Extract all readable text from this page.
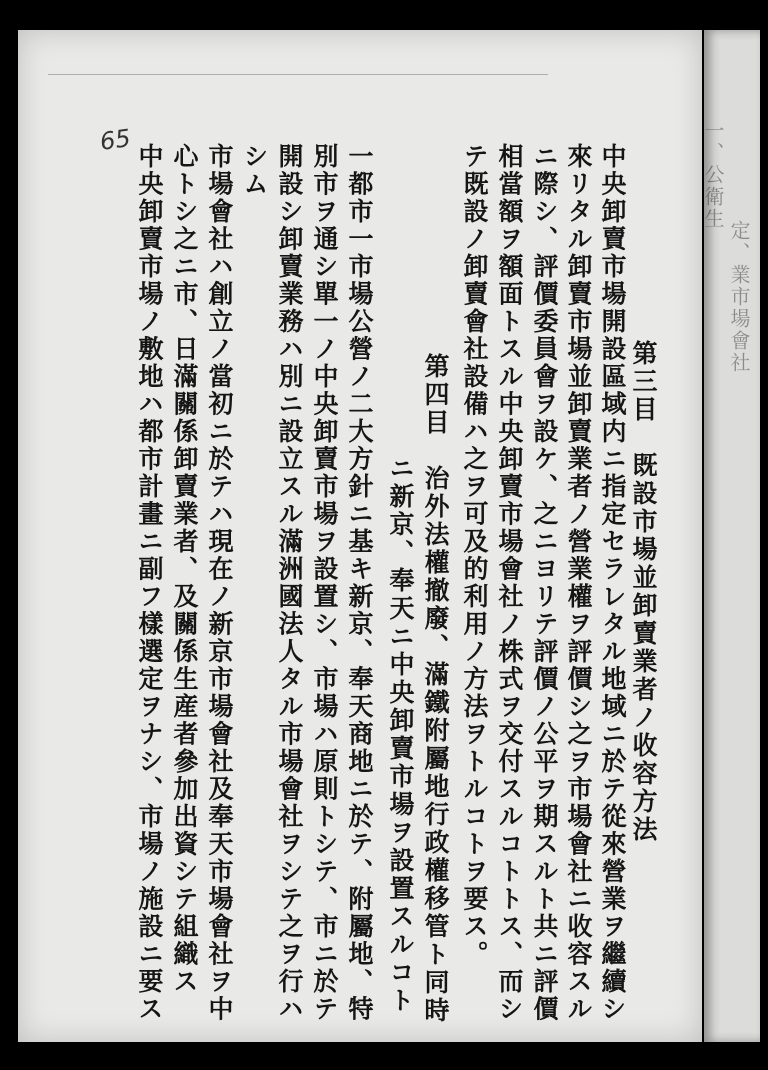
一、公衛生
定、業市場會社
65
第三目　既設市場並卸賣業者ノ收容方法
中央卸賣市場開設區域内ニ指定セラレタル地域ニ於テ從來營業ヲ繼續シ
來リタル卸賣市場並卸賣業者ノ營業權ヲ評價シ之ヲ市場會社ニ收容スル
ニ際シ、評價委員會ヲ設ケ、之ニヨリテ評價ノ公平ヲ期スルト共ニ評價
相當額ヲ額面トスル中央卸賣市場會社ノ株式ヲ交付スルコトトス、而シ
テ既設ノ卸賣會社設備ハ之ヲ可及的利用ノ方法ヲトルコトヲ要ス。
第四目　治外法權撤廢、滿鐵附屬地行政權移管ト同時
ニ新京、奉天ニ中央卸賣市場ヲ設置スルコト
一都市一市場公營ノ二大方針ニ基キ新京、奉天商地ニ於テ、附屬地、特
別市ヲ通シ單一ノ中央卸賣市場ヲ設置シ、市場ハ原則トシテ、市ニ於テ
開設シ卸賣業務ハ別ニ設立スル滿洲國法人タル市場會社ヲシテ之ヲ行ハ
シム
市場會社ハ創立ノ當初ニ於テハ現在ノ新京市場會社及奉天市場會社ヲ中
心トシ之ニ市、日滿關係卸賣業者、及關係生産者參加出資シテ組織ス
中央卸賣市場ノ敷地ハ都市計畫ニ副フ樣選定ヲナシ、市場ノ施設ニ要ス
